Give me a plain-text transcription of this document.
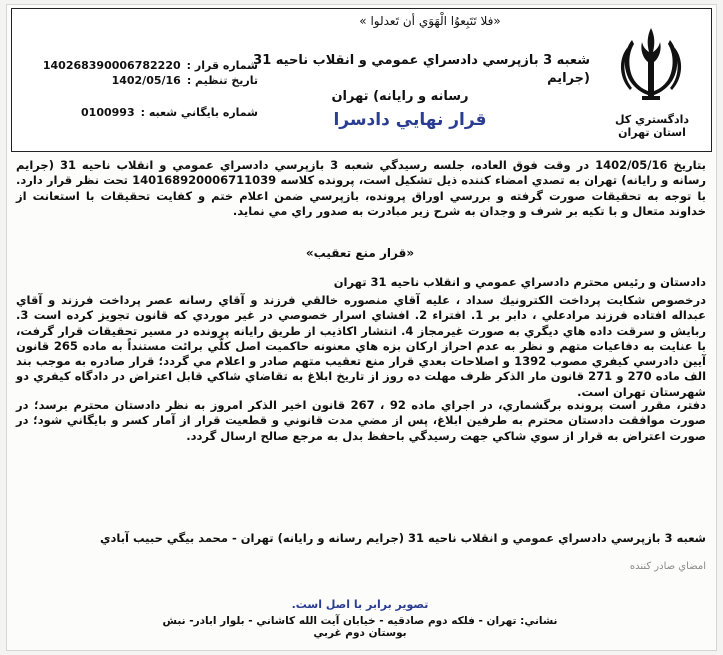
دادگستري كل استان تهران
«فلا تَتَبِعوُا الْهَوَي أن تَعدلوا »
شعبه 3 بازپرسي دادسراي عمومي و انقلاب ناحيه 31 (جرايم
رسانه و رايانه) تهران
قرار نهايي دادسرا
شماره قرار :
140268390006782220
تاريخ تنظيم :
1402/05/16
شماره بايگاني شعبه :
0100993

بتاريخ 1402/05/16 در وقت فوق العاده، جلسه رسيدگي شعبه 3 بازپرسي دادسراي عمومي و انقلاب ناحيه 31 (جرايم رسانه و رايانه) تهران به تصدي امضاء كننده ذيل تشكيل است، پرونده كلاسه 140168920006711039 تحت نظر قرار دارد. با توجه به تحقيقات صورت گرفته و بررسي اوراق پرونده، بازپرسي ضمن اعلام ختم و كفايت تحقيقات با استعانت از خداوند متعال و با تكيه بر شرف و وجدان به شرح زير مبادرت به صدور راي مي نمايد.

«قرار منع تعقيب»

دادستان و رئيس محترم دادسراي عمومي و انقلاب ناحيه 31 تهران

درخصوص شكايت پرداخت الكترونيك سداد ، عليه آقاي منصوره خالقي فرزند و آقاي رسانه عصر پرداخت فرزند و آقاي عبداله افتاده فرزند مرادعلي ، دابر بر 1. افتراء 2. افشاي اسرار خصوصي در غير موردي كه قانون تجويز كرده است 3. ربايش و سرقت داده هاي ديگري به صورت غيرمجاز 4. انتشار اكاذيب از طريق رايانه پرونده در مسير تحقيقات قرار گرفت، با عنايت به دفاعيات متهم و نظر به عدم احراز اركان بزه هاي معنونه حاكميت اصل كلّي برائت مستنداً به ماده 265 قانون آيين دادرسي كيفري مصوب 1392 و اصلاحات بعدي قرار منع تعقيب متهم صادر و اعلام مي گردد؛ قرار صادره به موجب بند الف ماده 270 و 271 قانون مار الذكر ظرف مهلت ده روز از تاريخ ابلاغ به تقاضاي شاكي قابل اعتراض در دادگاه كيفري دو شهرستان تهران است.

دفتر، مقرر است پرونده برگشماري، در اجراي ماده 92 ، 267 قانون اخير الذكر امروز به نظر دادستان محترم برسد؛ در صورت موافقت دادستان محترم به طرفين ابلاغ، پس از مضي مدت قانوني و قطعيت قرار از آمار كسر و بايگاني شود؛ در صورت اعتراض به قرار از سوي شاكي جهت رسيدگي باحفظ بدل به مرجع صالح ارسال گردد.

شعبه 3 بازپرسي دادسراي عمومي و انقلاب ناحيه 31 (جرايم رسانه و رايانه) تهران - محمد بيگي حبيب آبادي
امضاي صادر كننده
تصوير برابر با اصل است.
نشاني: تهران - فلكه دوم صادقيه - خيابان آيت الله كاشاني - بلوار ابادر- نبش بوستان دوم غربي
